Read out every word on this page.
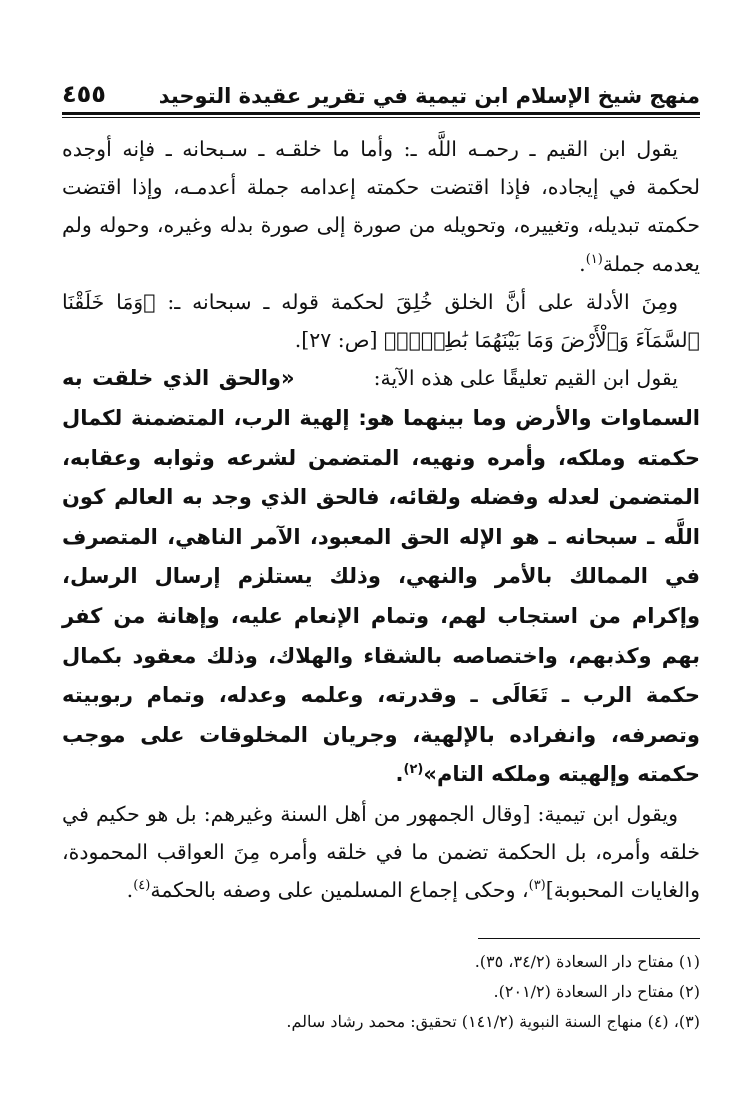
منهج شيخ الإسلام ابن تيمية في تقرير عقيدة التوحيد
٤٥٥

يقول ابن القيم ـ رحمـه اللَّه ـ: وأما ما خلقـه ـ سـبحانه ـ فإنه أوجده لحكمة في إيجاده، فإذا اقتضت حكمته إعدامه جملة أعدمـه، وإذا اقتضت حكمته تبديله، وتغييره، وتحويله من صورة إلى صورة بدله وغيره، وحوله ولم يعدمه جملة$^{(١)}$.

ومِنَ الأدلة على أنَّ الخلق خُلِقَ لحكمة قوله ـ سبحانه ـ: ﴿وَمَا خَلَقْنَا ٱلسَّمَآءَ وَٱلْأَرْضَ وَمَا بَيْنَهُمَا بَٰطِلًاۚ﴾ [ص: ٢٧].

يقول ابن القيم تعليقًا على هذه الآية:

«والحق الذي خلقت به السماوات والأرض وما بينهما هو: إلهية الرب، المتضمنة لكمال حكمته وملكه، وأمره ونهيه، المتضمن لشرعه وثوابه وعقابه، المتضمن لعدله وفضله ولقائه، فالحق الذي وجد به العالم كون اللَّه ـ سبحانه ـ هو الإله الحق المعبود، الآمر الناهي، المتصرف في الممالك بالأمر والنهي، وذلك يستلزم إرسال الرسل، وإكرام من استجاب لهم، وتمام الإنعام عليه، وإهانة من كفر بهم وكذبهم، واختصاصه بالشقاء والهلاك، وذلك معقود بكمال حكمة الرب ـ تَعَالَى ـ وقدرته، وعلمه وعدله، وتمام ربوبيته وتصرفه، وانفراده بالإلهية، وجريان المخلوقات على موجب حكمته وإلهيته وملكه التام»$^{(٢)}$.

ويقول ابن تيمية: [وقال الجمهور من أهل السنة وغيرهم: بل هو حكيم في خلقه وأمره، بل الحكمة تضمن ما في خلقه وأمره مِنَ العواقب المحمودة، والغايات المحبوبة]$^{(٣)}$، وحكى إجماع المسلمين على وصفه بالحكمة$^{(٤)}$.

(١) مفتاح دار السعادة (٣٤/٢، ٣٥).

(٢) مفتاح دار السعادة (٢٠١/٢).

(٣)، (٤) منهاج السنة النبوية (١٤١/٢) تحقيق: محمد رشاد سالم.
